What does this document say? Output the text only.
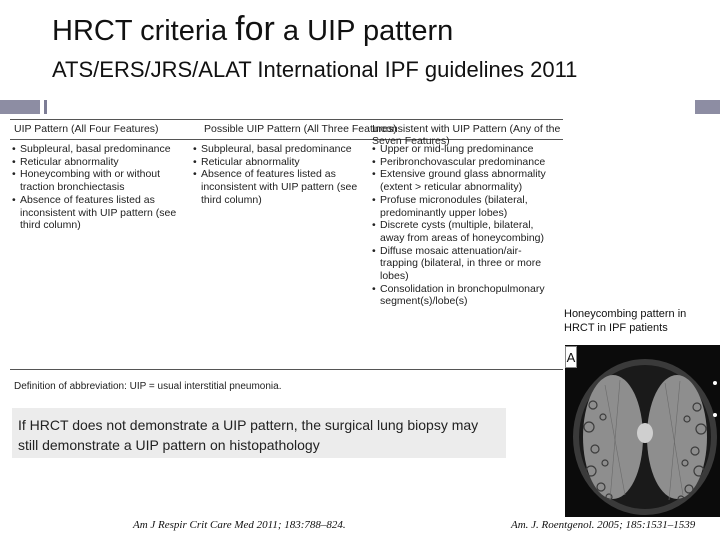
HRCT criteria for a UIP pattern
ATS/ERS/JRS/ALAT International IPF guidelines 2011
UIP Pattern (All Four Features)	Possible UIP Pattern (All Three Features)
Inconsistent with UIP Pattern (Any of the Seven Features)
• Subpleural, basal predominance
• Reticular abnormality
• Honeycombing with or without traction bronchiectasis
• Absence of features listed as inconsistent with UIP pattern (see third column)
• Subpleural, basal predominance
• Reticular abnormality
• Absence of features listed as inconsistent with UIP pattern (see third column)
• Upper or mid-lung predominance
• Peribronchovascular predominance
• Extensive ground glass abnormality (extent > reticular abnormality)
• Profuse micronodules (bilateral, predominantly upper lobes)
• Discrete cysts (multiple, bilateral, away from areas of honeycombing)
• Diffuse mosaic attenuation/air-trapping (bilateral, in three or more lobes)
• Consolidation in bronchopulmonary segment(s)/lobe(s)
Definition of abbreviation: UIP = usual interstitial pneumonia.
If HRCT does not demonstrate a UIP pattern, the surgical lung biopsy may still demonstrate a UIP pattern on histopathology
Honeycombing pattern in HRCT in IPF patients
A
Am J Respir Crit Care Med 2011; 183:788–824.	Am. J. Roentgenol. 2005; 185:1531–1539
